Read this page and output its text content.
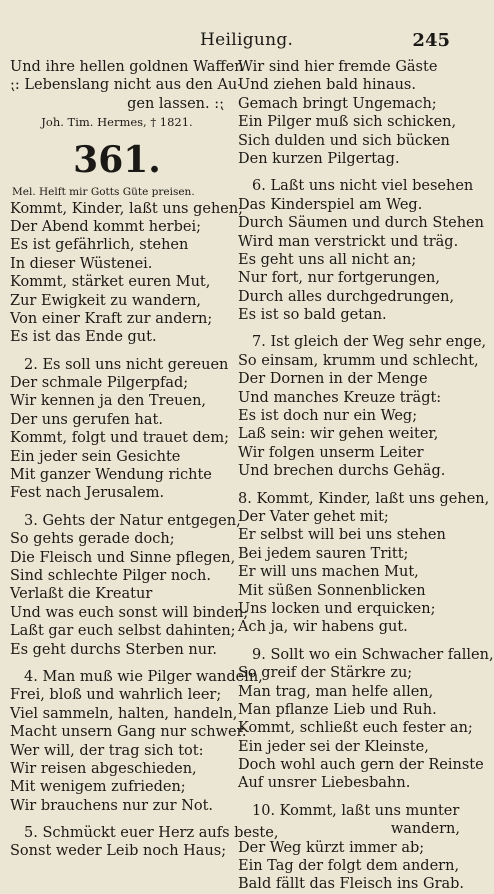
Heiligung.	245
Und ihre hellen goldnen Waffen
⁏: Lebenslang nicht aus den Au-
gen lassen. :⁏
Joh. Tim. Hermes, † 1821.
361.
Mel. Helft mir Gotts Güte preisen.
Kommt, Kinder, laßt uns gehen,
Der Abend kommt herbei;
Es ist gefährlich, stehen
In dieser Wüstenei.
Kommt, stärket euren Mut,
Zur Ewigkeit zu wandern,
Von einer Kraft zur andern;
Es ist das Ende gut.
2. Es soll uns nicht gereuen
Der schmale Pilgerpfad;
Wir kennen ja den Treuen,
Der uns gerufen hat.
Kommt, folgt und trauet dem;
Ein jeder sein Gesichte
Mit ganzer Wendung richte
Fest nach Jerusalem.
3. Gehts der Natur entgegen,
So gehts gerade doch;
Die Fleisch und Sinne pflegen,
Sind schlechte Pilger noch.
Verlaßt die Kreatur
Und was euch sonst will binden;
Laßt gar euch selbst dahinten;
Es geht durchs Sterben nur.
4. Man muß wie Pilger wandeln,
Frei, bloß und wahrlich leer;
Viel sammeln, halten, handeln,
Macht unsern Gang nur schwer.
Wer will, der trag sich tot:
Wir reisen abgeschieden,
Mit wenigem zufrieden;
Wir brauchens nur zur Not.
5. Schmückt euer Herz aufs beste,
Sonst weder Leib noch Haus;
Wir sind hier fremde Gäste
Und ziehen bald hinaus.
Gemach bringt Ungemach;
Ein Pilger muß sich schicken,
Sich dulden und sich bücken
Den kurzen Pilgertag.
6. Laßt uns nicht viel besehen
Das Kinderspiel am Weg.
Durch Säumen und durch Stehen
Wird man verstrickt und träg.
Es geht uns all nicht an;
Nur fort, nur fortgerungen,
Durch alles durchgedrungen,
Es ist so bald getan.
7. Ist gleich der Weg sehr enge,
So einsam, krumm und schlecht,
Der Dornen in der Menge
Und manches Kreuze trägt:
Es ist doch nur ein Weg;
Laß sein: wir gehen weiter,
Wir folgen unserm Leiter
Und brechen durchs Gehäg.
8. Kommt, Kinder, laßt uns gehen,
Der Vater gehet mit;
Er selbst will bei uns stehen
Bei jedem sauren Tritt;
Er will uns machen Mut,
Mit süßen Sonnenblicken
Uns locken und erquicken;
Ach ja, wir habens gut.
9. Sollt wo ein Schwacher fallen,
So greif der Stärkre zu;
Man trag, man helfe allen,
Man pflanze Lieb und Ruh.
Kommt, schließt euch fester an;
Ein jeder sei der Kleinste,
Doch wohl auch gern der Reinste
Auf unsrer Liebesbahn.
10. Kommt, laßt uns munter
wandern,
Der Weg kürzt immer ab;
Ein Tag der folgt dem andern,
Bald fällt das Fleisch ins Grab.
